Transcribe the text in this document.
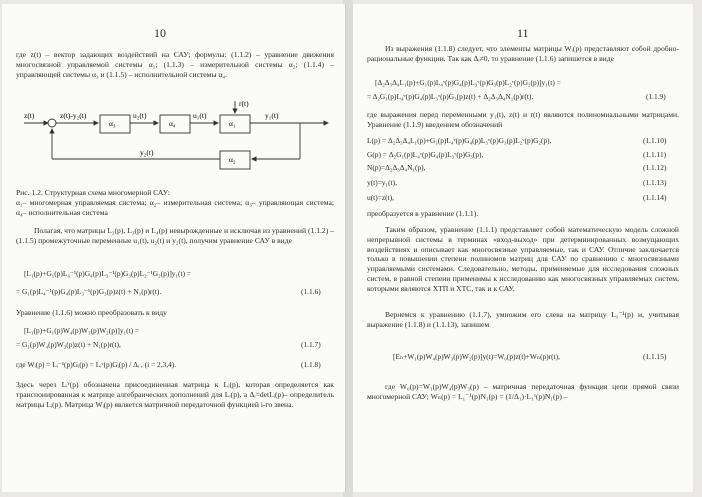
10
где z(t) – вектор задающих воздействий на САУ; формулы: (1.1.2) – уравнение движения многосвязной управляемой системы α₁; (1.1.3) – измерительной системы α₂; (1.1.4) – управляющей системы α₃ и (1.1.5) – исполнительной системы α₄.
z(t)	z(t)-y₂(t)	u₂(t)	u₁(t)	y₁(t)
r(t)
y₂(t)
α₃	α₄	α₁
α₂
Рис. 1.2. Структурная схема многомерной САУ:
α₁– многомерная управляемая система; α₂– измерительная система; α₃– управляющая система; α₄– исполнительная система
Полагая, что матрицы L₂(p), L₃(p) и L₄(p) невырожденные и исключая из уравнений (1.1.2) – (1.1.5) промежуточные переменные u₁(t), u₂(t) и y₂(t), получим уравнение САУ в виде
[L₁(p)+G₁(p)L₄⁻¹(p)G₄(p)L₃⁻¹(p)G₃(p)L₂⁻¹G₂(p)]y₁(t) =
= G₁(p)L₄⁻¹(p)G₄(p)L₃⁻¹(p)G₃(p)z(t) + N₁(p)r(t).	(1.1.6)
Уравнение (1.1.6) можно преобразовать к виду
[L₁(p)+G₁(p)W₄(p)W₃(p)W₂(p)]y₁(t) =
= G₁(p)W₄(p)W₃(p)z(t) + N₁(p)r(t),	(1.1.7)
где Wᵢ(p) = Lᵢ⁻¹(p)Gᵢ(p) = Lᵢᵛ(p)Gᵢ(p) / Δᵢ , (i = 2,3,4).	(1.1.8)
Здесь через Lᵢᵛ(p) обозначена присоединенная матрица к Lᵢ(p), которая определяется как транспонированная к матрице алгебраических дополнений для Lᵢ(p), а Δᵢ=detLᵢ(p)– определитель матрицы Lᵢ(p). Матрица Wᵢ(p) является матричной передаточной функцией i-го звена.
11
Из выражения (1.1.8) следует, что элементы матрицы Wᵢ(p) представляют собой дробно-рациональные функции. Так как Δᵢ≠0, то уравнение (1.1.6) запишется в виде
[Δ₂Δ₃Δ₄L₁(p)+G₁(p)L₄ᵛ(p)G₄(p)L₃ᵛ(p)G₃(p)L₂ᵛ(p)G₂(p)]y₁(t) =
= Δ₂G₁(p)L₄ᵛ(p)G₄(p)L₃ᵛ(p)G₃(p)z(t) + Δ₂Δ₃Δ₄N₁(p)r(t),	(1.1.9)
где выражения перед переменными y₁(t), z(t) и r(t) являются полиномиальными матрицами. Уравнение (1.1.9) введением обозначений
L(p) = Δ₂Δ₃Δ₄L₁(p)+G₁(p)L₄ᵛ(p)G₄(p)L₃ᵛ(p)G₃(p)L₂ᵛ(p)G₂(p),	(1.1.10)
G(p) = Δ₂G₁(p)L₄ᵛ(p)G₄(p)L₃ᵛ(p)G₃(p),	(1.1.11)
N(p)=Δ₂Δ₃Δ₄N₁(p),	(1.1.12)
y(t)=y₁(t),	(1.1.13)
u(t)=z(t),	(1.1.14)
преобразуется в уравнение (1.1.1).
Таким образом, уравнение (1.1.1) представляет собой математическую модель сложной непрерывной системы в терминах «вход-выход» при детерминированных возмущающих воздействиях и описывает как многосвязные управляемые, так и САУ. Отличие заключается только в повышении степени полиномов матриц для САУ по сравнению с многосвязными управляемыми системами. Следовательно, методы, применяемые для исследования сложных систем, в равной степени применимы к исследованию как многосвязных управляемых систем, которыми являются ХТП и ХТС, так и к САУ.
Вернемся к уравнению (1.1.7), умножим его слева на матрицу L₁⁻¹(p) и, учитывая выражение (1.1.8) и (1.1.13), запишем
[Eₙ+W₁(p)W₄(p)W₃(p)W₂(p)]y(t)=W₀(p)z(t)+Wₙ(p)r(t),	(1.1.15)
где W₀(p)=W₁(p)W₄(p)W₃(p) – матричная передаточная функция цепи прямой связи многомерной САУ; Wₙ(p) = L₁⁻¹(p)N₁(p) = (1/Δ₁)·L₁ᵛ(p)N₁(p) –
